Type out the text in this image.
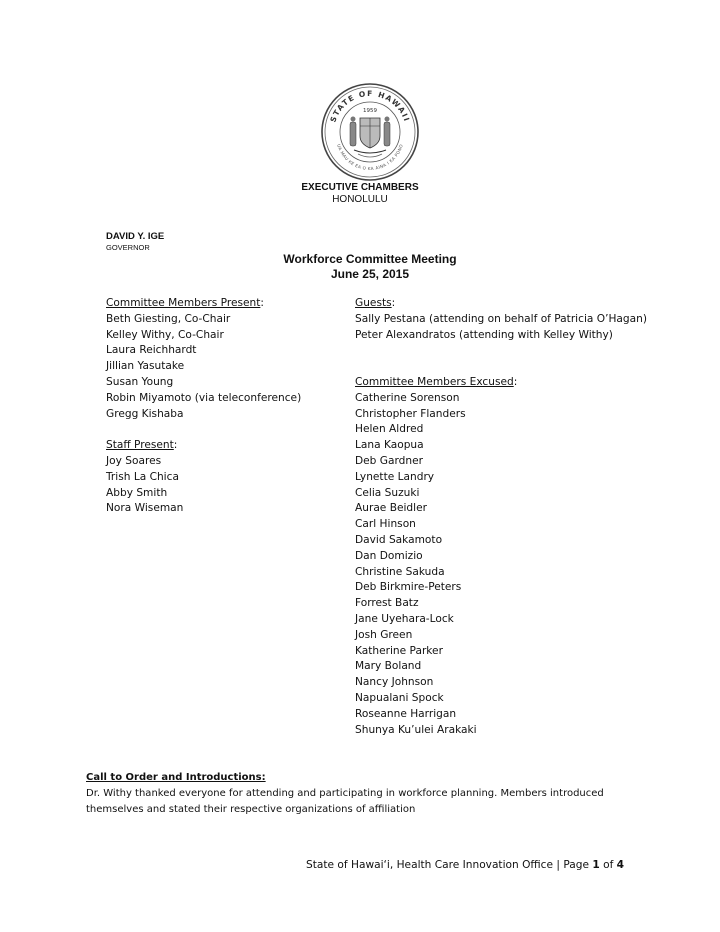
STATE OF HAWAII
UA MAU KE EA O KA AINA I KA PONO
1959
EXECUTIVE CHAMBERS
HONOLULU
DAVID Y. IGE
GOVERNOR
Workforce Committee Meeting
June 25, 2015
Committee Members Present:
Beth Giesting, Co-Chair
Kelley Withy, Co-Chair
Laura Reichhardt
Jillian Yasutake
Susan Young
Robin Miyamoto (via teleconference)
Gregg Kishaba
Staff Present:
Joy Soares
Trish La Chica
Abby Smith
Nora Wiseman
Guests:
Sally Pestana (attending on behalf of Patricia O’Hagan)
Peter Alexandratos (attending with Kelley Withy)
Committee Members Excused:
Catherine Sorenson
Christopher Flanders
Helen Aldred
Lana Kaopua
Deb Gardner
Lynette Landry
Celia Suzuki
Aurae Beidler
Carl Hinson
David Sakamoto
Dan Domizio
Christine Sakuda
Deb Birkmire-Peters
Forrest Batz
Jane Uyehara-Lock
Josh Green
Katherine Parker
Mary Boland
Nancy Johnson
Napualani Spock
Roseanne Harrigan
Shunya Ku’ulei Arakaki
Call to Order and Introductions:
Dr. Withy thanked everyone for attending and participating in workforce planning. Members introduced themselves and stated their respective organizations of affiliation
State of Hawai‘i, Health Care Innovation Office | Page 1 of 4
